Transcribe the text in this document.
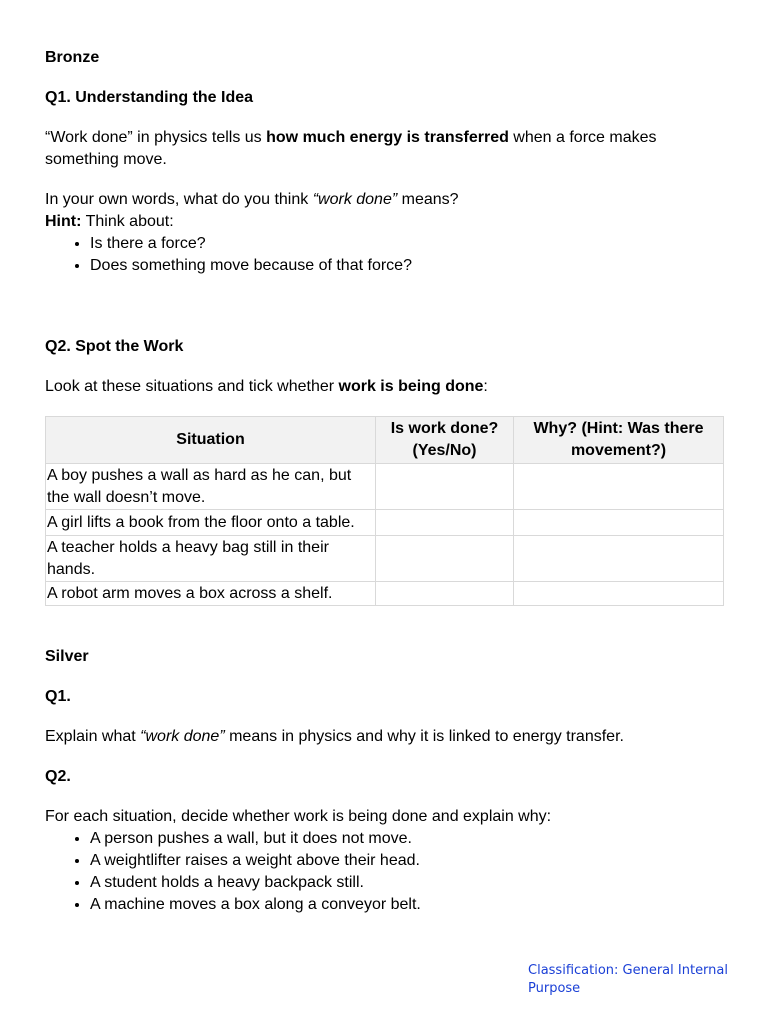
Bronze

Q1. Understanding the Idea

“Work done” in physics tells us how much energy is transferred when a force makes something move.

In your own words, what do you think “work done” means?

Hint: Think about:

• Is there a force?
• Does something move because of that force?

Q2. Spot the Work

Look at these situations and tick whether work is being done:

Situation	Is work done? (Yes/No)	Why? (Hint: Was there movement?)
A boy pushes a wall as hard as he can, but the wall doesn’t move.		
A girl lifts a book from the floor onto a table.		
A teacher holds a heavy bag still in their hands.		
A robot arm moves a box across a shelf.		

Silver

Q1.

Explain what “work done” means in physics and why it is linked to energy transfer.

Q2.

For each situation, decide whether work is being done and explain why:

• A person pushes a wall, but it does not move.
• A weightlifter raises a weight above their head.
• A student holds a heavy backpack still.
• A machine moves a box along a conveyor belt.
Classification: General Internal Purpose
